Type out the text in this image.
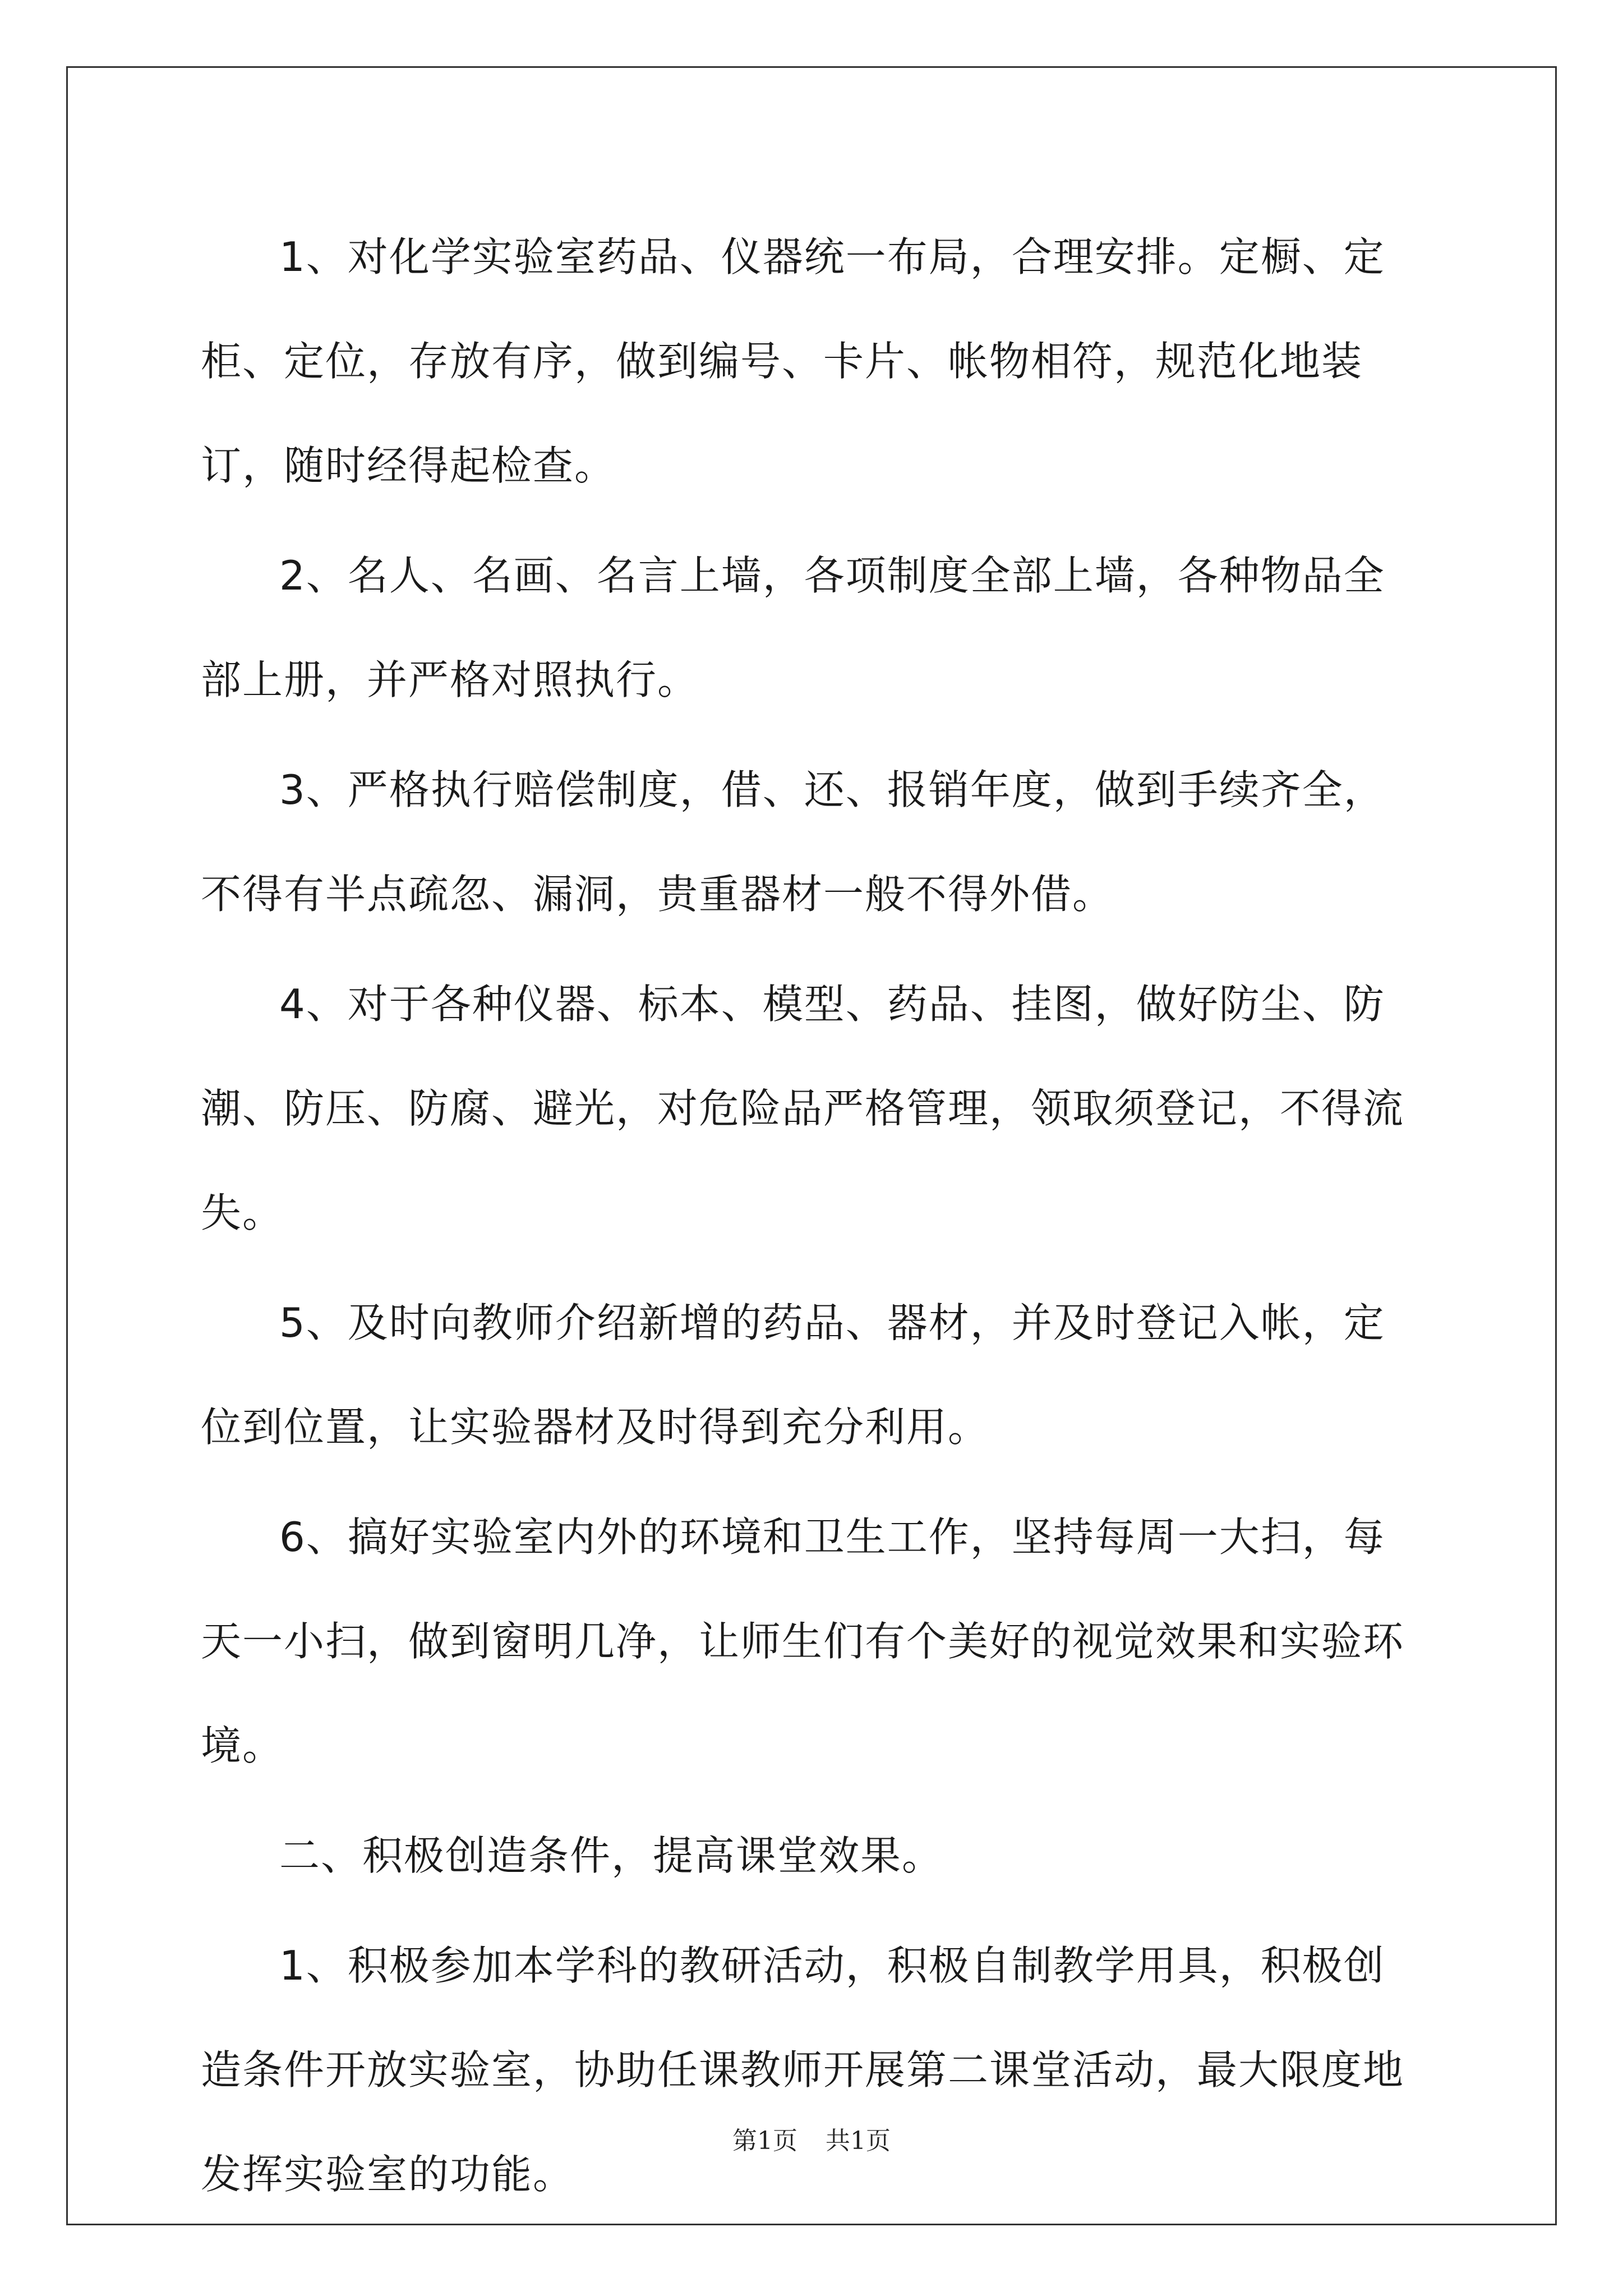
1、对化学实验室药品、仪器统一布局，合理安排。定橱、定柜、定位，存放有序，做到编号、卡片、帐物相符，规范化地装订，随时经得起检查。

2、名人、名画、名言上墙，各项制度全部上墙，各种物品全部上册，并严格对照执行。

3、严格执行赔偿制度，借、还、报销年度，做到手续齐全，不得有半点疏忽、漏洞，贵重器材一般不得外借。

4、对于各种仪器、标本、模型、药品、挂图，做好防尘、防潮、防压、防腐、避光，对危险品严格管理，领取须登记，不得流失。

5、及时向教师介绍新增的药品、器材，并及时登记入帐，定位到位置，让实验器材及时得到充分利用。

6、搞好实验室内外的环境和卫生工作，坚持每周一大扫，每天一小扫，做到窗明几净，让师生们有个美好的视觉效果和实验环境。

二、积极创造条件，提高课堂效果。

1、积极参加本学科的教研活动，积极自制教学用具，积极创造条件开放实验室，协助任课教师开展第二课堂活动，最大限度地发挥实验室的功能。

第1页 共1页
